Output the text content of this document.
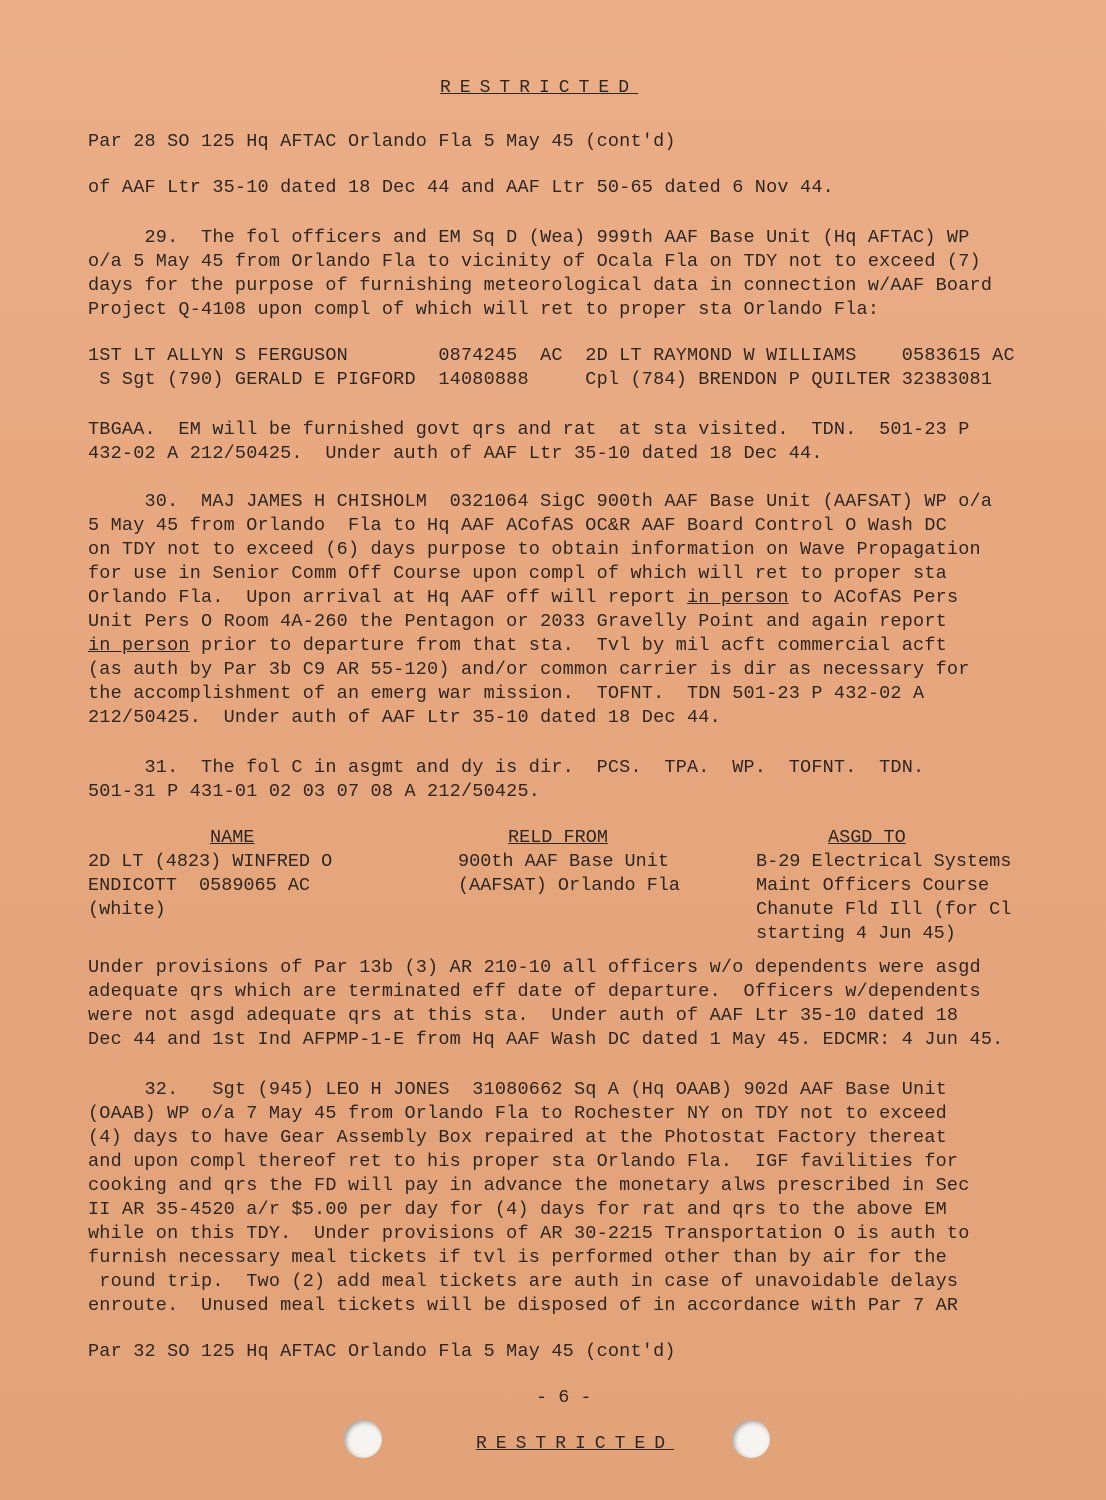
RESTRICTED
Par 28 SO 125 Hq AFTAC Orlando Fla 5 May 45 (cont'd)
of AAF Ltr 35-10 dated 18 Dec 44 and AAF Ltr 50-65 dated 6 Nov 44.
29.  The fol officers and EM Sq D (Wea) 999th AAF Base Unit (Hq AFTAC) WP
o/a 5 May 45 from Orlando Fla to vicinity of Ocala Fla on TDY not to exceed (7)
days for the purpose of furnishing meteorological data in connection w/AAF Board
Project Q-4108 upon compl of which will ret to proper sta Orlando Fla:
1ST LT ALLYN S FERGUSON        0874245  AC  2D LT RAYMOND W WILLIAMS    0583615 AC
S Sgt (790) GERALD E PIGFORD  14080888     Cpl (784) BRENDON P QUILTER 32383081
TBGAA.  EM will be furnished govt qrs and rat  at sta visited.  TDN.  501-23 P
432-02 A 212/50425.  Under auth of AAF Ltr 35-10 dated 18 Dec 44.
30.  MAJ JAMES H CHISHOLM  0321064 SigC 900th AAF Base Unit (AAFSAT) WP o/a
5 May 45 from Orlando  Fla to Hq AAF ACofAS OC&R AAF Board Control O Wash DC
on TDY not to exceed (6) days purpose to obtain information on Wave Propagation
for use in Senior Comm Off Course upon compl of which will ret to proper sta
Orlando Fla.  Upon arrival at Hq AAF off will report in person to ACofAS Pers
Unit Pers O Room 4A-260 the Pentagon or 2033 Gravelly Point and again report
in person prior to departure from that sta.  Tvl by mil acft commercial acft
(as auth by Par 3b C9 AR 55-120) and/or common carrier is dir as necessary for
the accomplishment of an emerg war mission.  TOFNT.  TDN 501-23 P 432-02 A
212/50425.  Under auth of AAF Ltr 35-10 dated 18 Dec 44.
31.  The fol C in asgmt and dy is dir.  PCS.  TPA.  WP.  TOFNT.  TDN.
501-31 P 431-01 02 03 07 08 A 212/50425.
NAME	RELD FROM	ASGD TO
2D LT (4823) WINFRED O
ENDICOTT  0589065 AC
(white)
900th AAF Base Unit
(AAFSAT) Orlando Fla
B-29 Electrical Systems
Maint Officers Course
Chanute Fld Ill (for Cl
starting 4 Jun 45)
Under provisions of Par 13b (3) AR 210-10 all officers w/o dependents were asgd
adequate qrs which are terminated eff date of departure.  Officers w/dependents
were not asgd adequate qrs at this sta.  Under auth of AAF Ltr 35-10 dated 18
Dec 44 and 1st Ind AFPMP-1-E from Hq AAF Wash DC dated 1 May 45. EDCMR: 4 Jun 45.
32.   Sgt (945) LEO H JONES  31080662 Sq A (Hq OAAB) 902d AAF Base Unit
(OAAB) WP o/a 7 May 45 from Orlando Fla to Rochester NY on TDY not to exceed
(4) days to have Gear Assembly Box repaired at the Photostat Factory thereat
and upon compl thereof ret to his proper sta Orlando Fla.  IGF favilities for
cooking and qrs the FD will pay in advance the monetary alws prescribed in Sec
II AR 35-4520 a/r $5.00 per day for (4) days for rat and qrs to the above EM
while on this TDY.  Under provisions of AR 30-2215 Transportation O is auth to
furnish necessary meal tickets if tvl is performed other than by air for the
round trip.  Two (2) add meal tickets are auth in case of unavoidable delays
enroute.  Unused meal tickets will be disposed of in accordance with Par 7 AR
Par 32 SO 125 Hq AFTAC Orlando Fla 5 May 45 (cont'd)
- 6 -
RESTRICTED
